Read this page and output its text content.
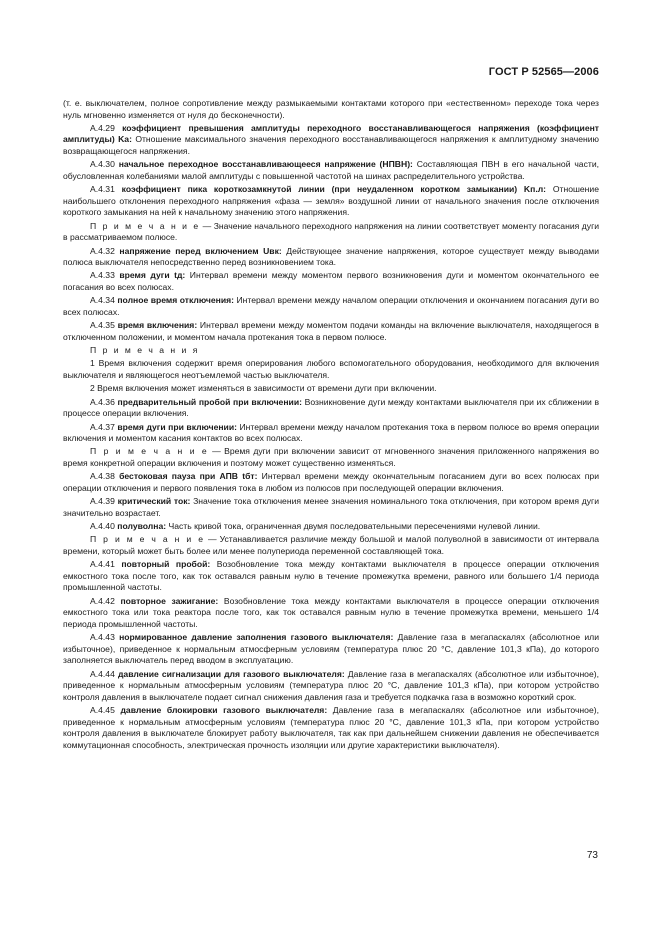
ГОСТ Р 52565—2006

(т. е. выключателем, полное сопротивление между размыкаемыми контактами которого при «естественном» переходе тока через нуль мгновенно изменяется от нуля до бесконечности).

А.4.29 коэффициент превышения амплитуды переходного восстанавливающегося напряжения (коэффициент амплитуды) Kа: Отношение максимального значения переходного восстанавливающегося напряжения к амплитудному значению возвращающегося напряжения.

А.4.30 начальное переходное восстанавливающееся напряжение (НПВН): Составляющая ПВН в его начальной части, обусловленная колебаниями малой амплитуды с повышенной частотой на шинах распределительного устройства.

А.4.31 коэффициент пика короткозамкнутой линии (при неудаленном коротком замыкании) Kп.л: Отношение наибольшего отклонения переходного напряжения «фаза — земля» воздушной линии от начального значения после отключения короткого замыкания на ней к начальному значению этого напряжения.

П р и м е ч а н и е — Значение начального переходного напряжения на линии соответствует моменту погасания дуги в рассматриваемом полюсе.

А.4.32 напряжение перед включением Uвк: Действующее значение напряжения, которое существует между выводами полюса выключателя непосредственно перед возникновением тока.

А.4.33 время дуги tд: Интервал времени между моментом первого возникновения дуги и моментом окончательного ее погасания во всех полюсах.

А.4.34 полное время отключения: Интервал времени между началом операции отключения и окончанием погасания дуги во всех полюсах.

А.4.35 время включения: Интервал времени между моментом подачи команды на включение выключателя, находящегося в отключенном положении, и моментом начала протекания тока в первом полюсе.

П р и м е ч а н и я

1 Время включения содержит время оперирования любого вспомогательного оборудования, необходимого для включения выключателя и являющегося неотъемлемой частью выключателя.

2 Время включения может изменяться в зависимости от времени дуги при включении.

А.4.36 предварительный пробой при включении: Возникновение дуги между контактами выключателя при их сближении в процессе операции включения.

А.4.37 время дуги при включении: Интервал времени между началом протекания тока в первом полюсе во время операции включения и моментом касания контактов во всех полюсах.

П р и м е ч а н и е — Время дуги при включении зависит от мгновенного значения приложенного напряжения во время конкретной операции включения и поэтому может существенно изменяться.

А.4.38 бестоковая пауза при АПВ tбт: Интервал времени между окончательным погасанием дуги во всех полюсах при операции отключения и первого появления тока в любом из полюсов при последующей операции включения.

А.4.39 критический ток: Значение тока отключения менее значения номинального тока отключения, при котором время дуги значительно возрастает.

А.4.40 полуволна: Часть кривой тока, ограниченная двумя последовательными пересечениями нулевой линии.

П р и м е ч а н и е — Устанавливается различие между большой и малой полуволной в зависимости от интервала времени, который может быть более или менее полупериода переменной составляющей тока.

А.4.41 повторный пробой: Возобновление тока между контактами выключателя в процессе операции отключения емкостного тока после того, как ток оставался равным нулю в течение промежутка времени, равного или большего 1/4 периода промышленной частоты.

А.4.42 повторное зажигание: Возобновление тока между контактами выключателя в процессе операции отключения емкостного тока или тока реактора после того, как ток оставался равным нулю в течение промежутка времени, меньшего 1/4 периода промышленной частоты.

А.4.43 нормированное давление заполнения газового выключателя: Давление газа в мегапаскалях (абсолютное или избыточное), приведенное к нормальным атмосферным условиям (температура плюс 20 °С, давление 101,3 кПа), до которого заполняется выключатель перед вводом в эксплуатацию.

А.4.44 давление сигнализации для газового выключателя: Давление газа в мегапаскалях (абсолютное или избыточное), приведенное к нормальным атмосферным условиям (температура плюс 20 °С, давление 101,3 кПа), при котором устройство контроля давления в выключателе подает сигнал снижения давления газа и требуется подкачка газа в возможно короткий срок.

А.4.45 давление блокировки газового выключателя: Давление газа в мегапаскалях (абсолютное или избыточное), приведенное к нормальным атмосферным условиям (температура плюс 20 °С, давление 101,3 кПа, при котором устройство контроля давления в выключателе блокирует работу выключателя, так как при дальнейшем снижении давления не обеспечивается коммутационная способность, электрическая прочность изоляции или другие характеристики выключателя).

73
